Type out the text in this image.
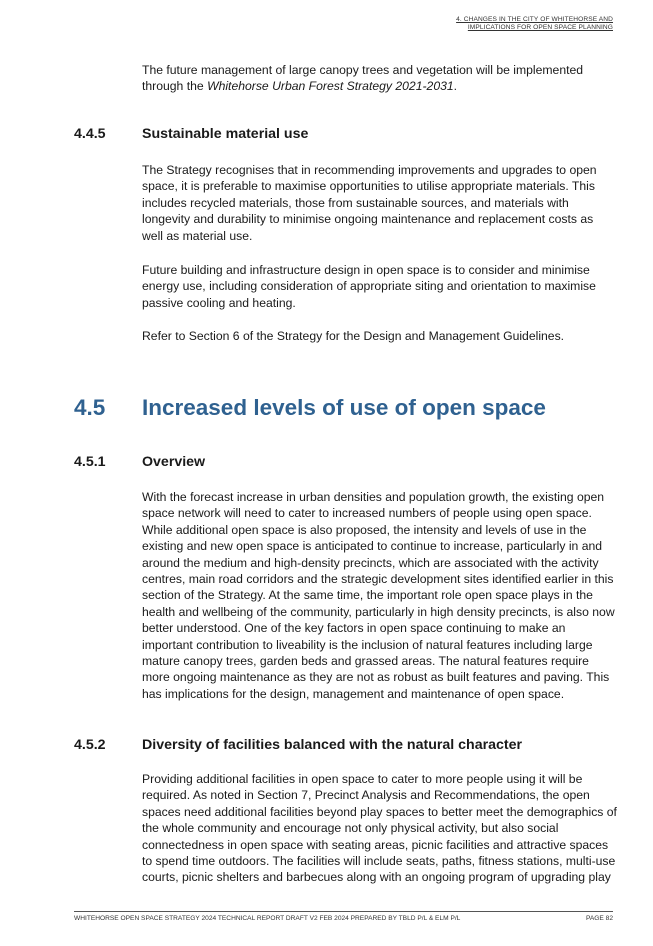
4. CHANGES IN THE CITY OF WHITEHORSE AND
IMPLICATIONS FOR OPEN SPACE PLANNING

The future management of large canopy trees and vegetation will be implemented through the Whitehorse Urban Forest Strategy 2021-2031.

4.4.5	Sustainable material use

The Strategy recognises that in recommending improvements and upgrades to open space, it is preferable to maximise opportunities to utilise appropriate materials. This includes recycled materials, those from sustainable sources, and materials with longevity and durability to minimise ongoing maintenance and replacement costs as well as material use.

Future building and infrastructure design in open space is to consider and minimise energy use, including consideration of appropriate siting and orientation to maximise passive cooling and heating.

Refer to Section 6 of the Strategy for the Design and Management Guidelines.

4.5 Increased levels of use of open space
4.5.1	Overview

With the forecast increase in urban densities and population growth, the existing open space network will need to cater to increased numbers of people using open space. While additional open space is also proposed, the intensity and levels of use in the existing and new open space is anticipated to continue to increase, particularly in and around the medium and high-density precincts, which are associated with the activity centres, main road corridors and the strategic development sites identified earlier in this section of the Strategy. At the same time, the important role open space plays in the health and wellbeing of the community, particularly in high density precincts, is also now better understood. One of the key factors in open space continuing to make an important contribution to liveability is the inclusion of natural features including large mature canopy trees, garden beds and grassed areas. The natural features require more ongoing maintenance as they are not as robust as built features and paving. This has implications for the design, management and maintenance of open space.

4.5.2	Diversity of facilities balanced with the natural character

Providing additional facilities in open space to cater to more people using it will be required. As noted in Section 7, Precinct Analysis and Recommendations, the open spaces need additional facilities beyond play spaces to better meet the demographics of the whole community and encourage not only physical activity, but also social connectedness in open space with seating areas, picnic facilities and attractive spaces to spend time outdoors. The facilities will include seats, paths, fitness stations, multi-use courts, picnic shelters and barbecues along with an ongoing program of upgrading play

WHITEHORSE OPEN SPACE STRATEGY 2024 TECHNICAL REPORT DRAFT V2 FEB 2024 PREPARED BY TBLD P/L & ELM P/L	PAGE 82
